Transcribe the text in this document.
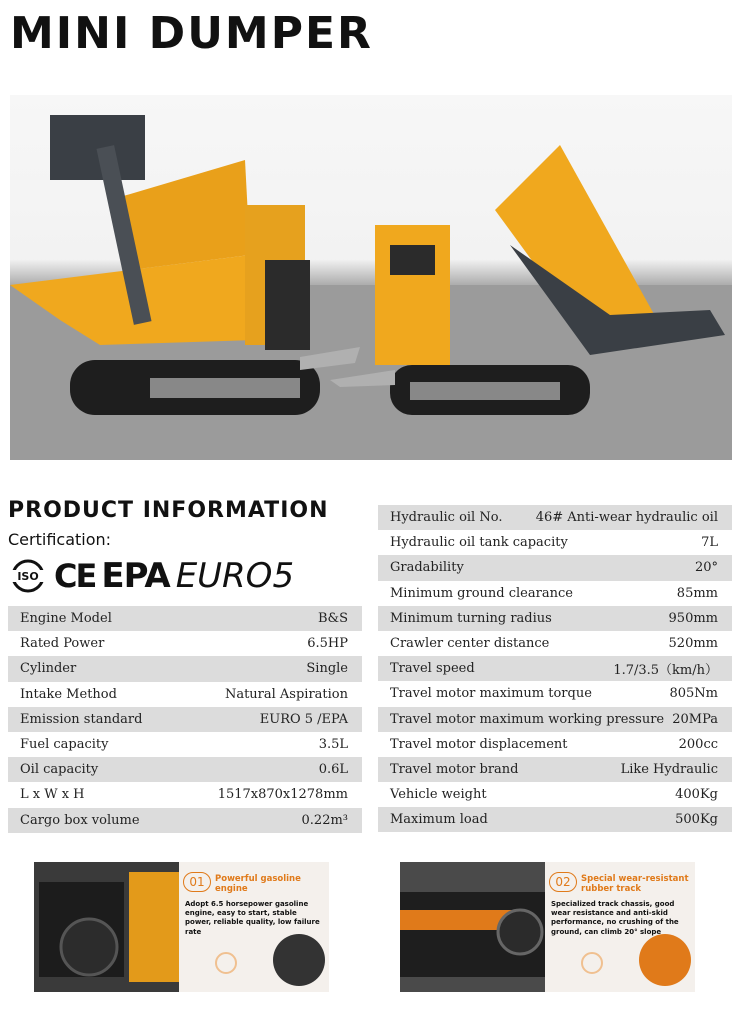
MINI DUMPER
PRODUCT INFORMATION
Certification:
ISO CE EPA EURO5
Engine Model	B&S
Rated Power	6.5HP
Cylinder	Single
Intake Method	Natural Aspiration
Emission standard	EURO 5 /EPA
Fuel capacity	3.5L
Oil capacity	0.6L
L x W x H	1517x870x1278mm
Cargo box volume	0.22m³
Hydraulic oil No.	46# Anti-wear hydraulic oil
Hydraulic oil tank capacity	7L
Gradability	20°
Minimum ground clearance	85mm
Minimum turning radius	950mm
Crawler center distance	520mm
Travel speed	1.7/3.5（km/h）
Travel motor maximum torque	805Nm
Travel motor maximum working pressure 20MPa
Travel motor displacement	200cc
Travel motor brand	Like Hydraulic
Vehicle weight	400Kg
Maximum load	500Kg
01	Powerful gasoline engine
Adopt 6.5 horsepower gasoline engine, easy to start, stable power, reliable quality, low failure rate
02	Special wear-resistant rubber track
Specialized track chassis, good wear resistance and anti-skid performance, no crushing of the ground, can climb 20° slope
